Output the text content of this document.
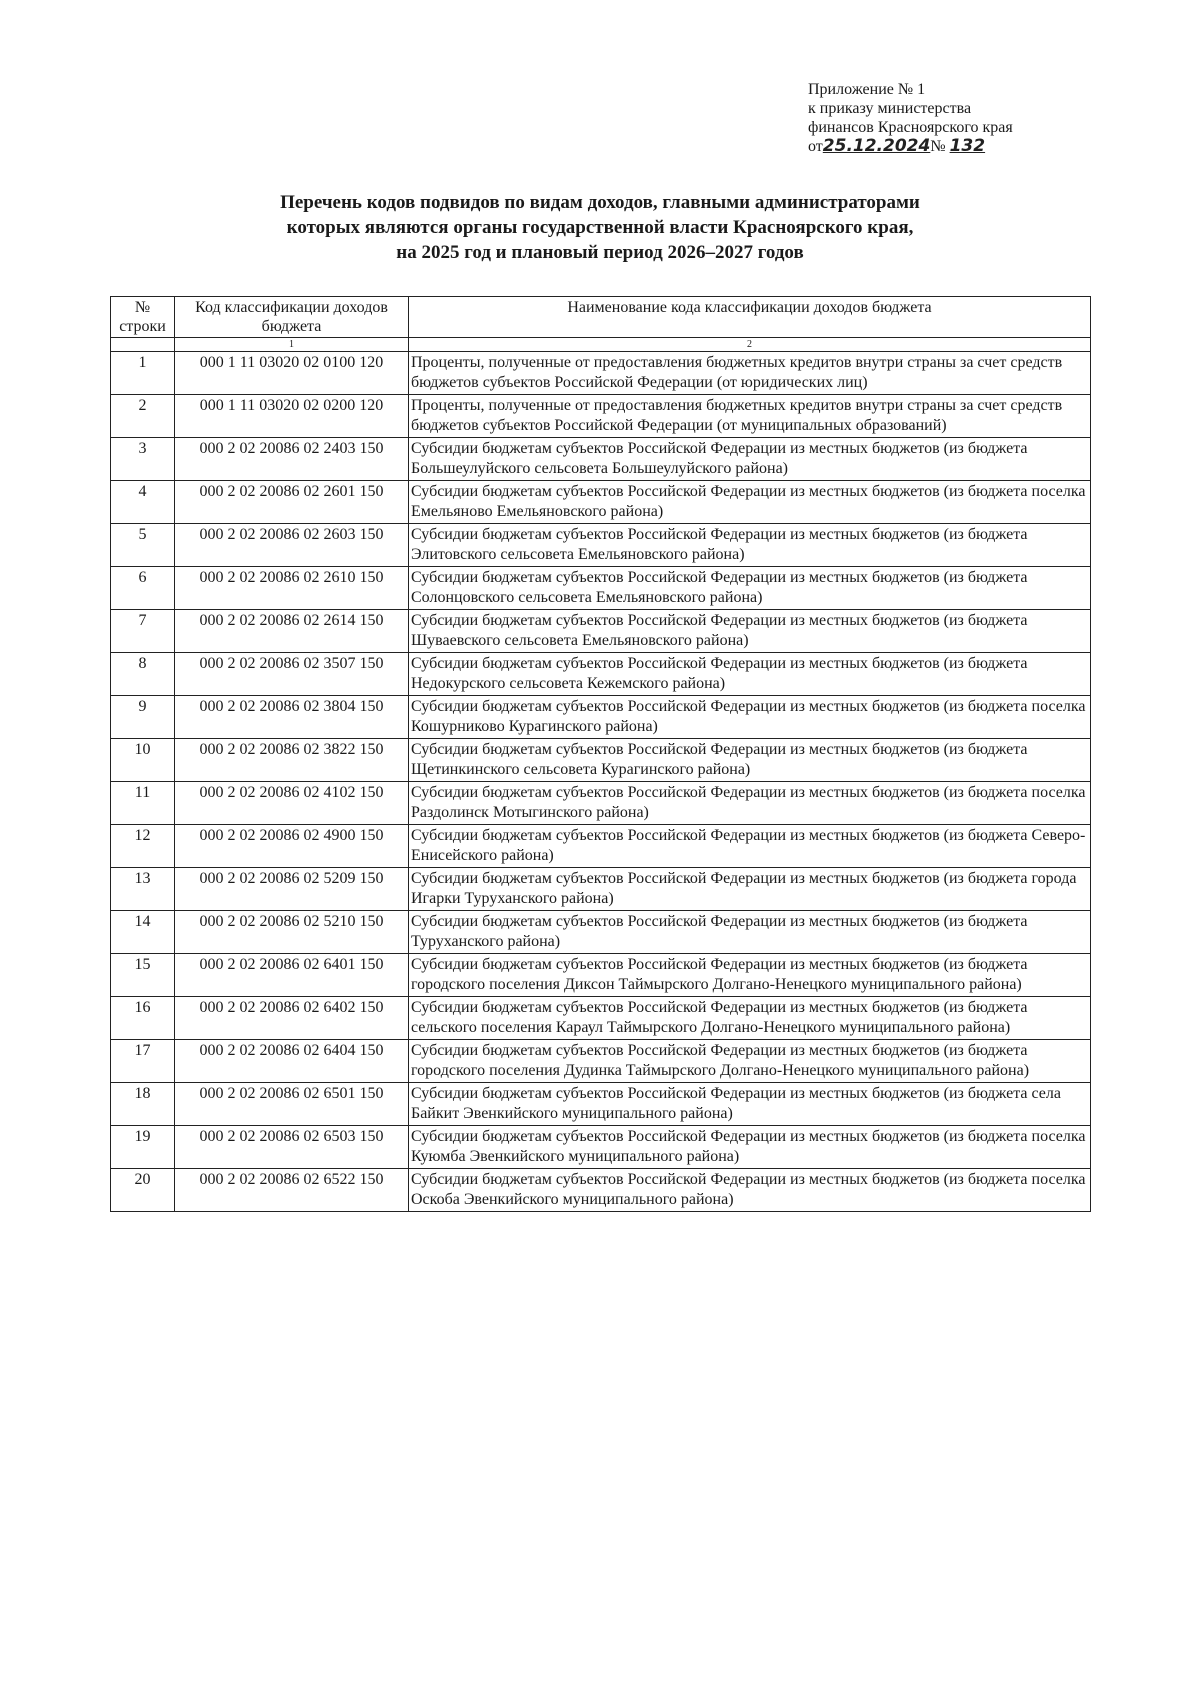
Приложение № 1
к приказу министерства
финансов Красноярского края
от25.12.2024№ 132
Перечень кодов подвидов по видам доходов, главными администраторами
которых являются органы государственной власти Красноярского края,
на 2025 год и плановый период 2026–2027 годов
№ строки	Код классификации доходов бюджета	Наименование кода классификации доходов бюджета
	1	2
1	000 1 11 03020 02 0100 120	Проценты, полученные от предоставления бюджетных кредитов внутри страны за счет средств бюджетов субъектов Российской Федерации (от юридических лиц)
2	000 1 11 03020 02 0200 120	Проценты, полученные от предоставления бюджетных кредитов внутри страны за счет средств бюджетов субъектов Российской Федерации (от муниципальных образований)
3	000 2 02 20086 02 2403 150	Субсидии бюджетам субъектов Российской Федерации из местных бюджетов (из бюджета Большеулуйского сельсовета Большеулуйского района)
4	000 2 02 20086 02 2601 150	Субсидии бюджетам субъектов Российской Федерации из местных бюджетов (из бюджета поселка Емельяново Емельяновского района)
5	000 2 02 20086 02 2603 150	Субсидии бюджетам субъектов Российской Федерации из местных бюджетов (из бюджета Элитовского сельсовета Емельяновского района)
6	000 2 02 20086 02 2610 150	Субсидии бюджетам субъектов Российской Федерации из местных бюджетов (из бюджета Солонцовского сельсовета Емельяновского района)
7	000 2 02 20086 02 2614 150	Субсидии бюджетам субъектов Российской Федерации из местных бюджетов (из бюджета Шуваевского сельсовета Емельяновского района)
8	000 2 02 20086 02 3507 150	Субсидии бюджетам субъектов Российской Федерации из местных бюджетов (из бюджета Недокурского сельсовета Кежемского района)
9	000 2 02 20086 02 3804 150	Субсидии бюджетам субъектов Российской Федерации из местных бюджетов (из бюджета поселка Кошурниково Курагинского района)
10	000 2 02 20086 02 3822 150	Субсидии бюджетам субъектов Российской Федерации из местных бюджетов (из бюджета Щетинкинского сельсовета Курагинского района)
11	000 2 02 20086 02 4102 150	Субсидии бюджетам субъектов Российской Федерации из местных бюджетов (из бюджета поселка Раздолинск Мотыгинского района)
12	000 2 02 20086 02 4900 150	Субсидии бюджетам субъектов Российской Федерации из местных бюджетов (из бюджета Северо-Енисейского района)
13	000 2 02 20086 02 5209 150	Субсидии бюджетам субъектов Российской Федерации из местных бюджетов (из бюджета города Игарки Туруханского района)
14	000 2 02 20086 02 5210 150	Субсидии бюджетам субъектов Российской Федерации из местных бюджетов (из бюджета Туруханского района)
15	000 2 02 20086 02 6401 150	Субсидии бюджетам субъектов Российской Федерации из местных бюджетов (из бюджета городского поселения Диксон Таймырского Долгано-Ненецкого муниципального района)
16	000 2 02 20086 02 6402 150	Субсидии бюджетам субъектов Российской Федерации из местных бюджетов (из бюджета сельского поселения Караул Таймырского Долгано-Ненецкого муниципального района)
17	000 2 02 20086 02 6404 150	Субсидии бюджетам субъектов Российской Федерации из местных бюджетов (из бюджета городского поселения Дудинка Таймырского Долгано-Ненецкого муниципального района)
18	000 2 02 20086 02 6501 150	Субсидии бюджетам субъектов Российской Федерации из местных бюджетов (из бюджета села Байкит Эвенкийского муниципального района)
19	000 2 02 20086 02 6503 150	Субсидии бюджетам субъектов Российской Федерации из местных бюджетов (из бюджета поселка Куюмба Эвенкийского муниципального района)
20	000 2 02 20086 02 6522 150	Субсидии бюджетам субъектов Российской Федерации из местных бюджетов (из бюджета поселка Оскоба Эвенкийского муниципального района)
